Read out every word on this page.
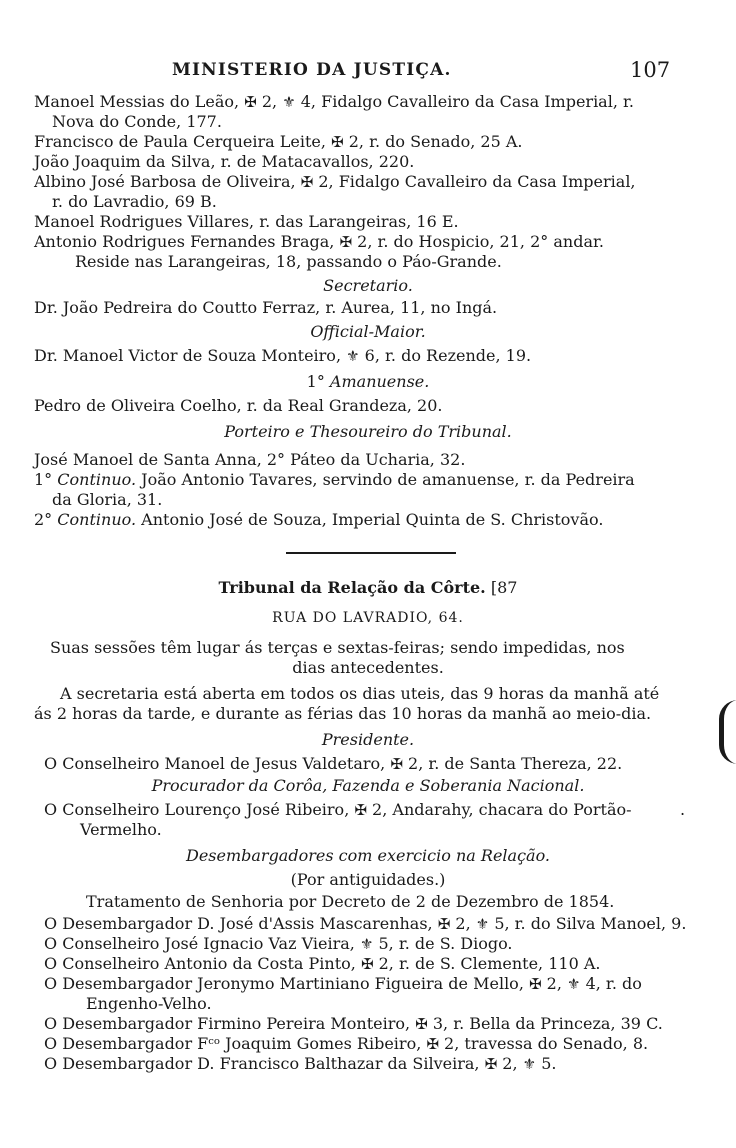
MINISTERIO DA JUSTIÇA.	107
Manoel Messias do Leão, ✠ 2, ⚜ 4, Fidalgo Cavalleiro da Casa Imperial, r.
Nova do Conde, 177.
Francisco de Paula Cerqueira Leite, ✠ 2, r. do Senado, 25 A.
João Joaquim da Silva, r. de Matacavallos, 220.
Albino José Barbosa de Oliveira, ✠ 2, Fidalgo Cavalleiro da Casa Imperial,
r. do Lavradio, 69 B.
Manoel Rodrigues Villares, r. das Larangeiras, 16 E.
Antonio Rodrigues Fernandes Braga, ✠ 2, r. do Hospicio, 21, 2° andar.
Reside nas Larangeiras, 18, passando o Páo-Grande.
Secretario.
Dr. João Pedreira do Coutto Ferraz, r. Aurea, 11, no Ingá.
Official-Maior.
Dr. Manoel Victor de Souza Monteiro, ⚜ 6, r. do Rezende, 19.
1° Amanuense.
Pedro de Oliveira Coelho, r. da Real Grandeza, 20.
Porteiro e Thesoureiro do Tribunal.
José Manoel de Santa Anna, 2° Páteo da Ucharia, 32.
1° Continuo. João Antonio Tavares, servindo de amanuense, r. da Pedreira
da Gloria, 31.
2° Continuo. Antonio José de Souza, Imperial Quinta de S. Christovão.
Tribunal da Relação da Côrte. [87
RUA DO LAVRADIO, 64.
Suas sessões têm lugar ás terças e sextas-feiras; sendo impedidas, nos
dias antecedentes.
A secretaria está aberta em todos os dias uteis, das 9 horas da manhã até
ás 2 horas da tarde, e durante as férias das 10 horas da manhã ao meio-dia.
Presidente.
O Conselheiro Manoel de Jesus Valdetaro, ✠ 2, r. de Santa Thereza, 22.
Procurador da Corôa, Fazenda e Soberania Nacional.
O Conselheiro Lourenço José Ribeiro, ✠ 2, Andarahy, chacara do Portão-
Vermelho.
Desembargadores com exercicio na Relação.
(Por antiguidades.)
Tratamento de Senhoria por Decreto de 2 de Dezembro de 1854.
O Desembargador D. José d'Assis Mascarenhas, ✠ 2, ⚜ 5, r. do Silva Manoel, 9.
O Conselheiro José Ignacio Vaz Vieira, ⚜ 5, r. de S. Diogo.
O Conselheiro Antonio da Costa Pinto, ✠ 2, r. de S. Clemente, 110 A.
O Desembargador Jeronymo Martiniano Figueira de Mello, ✠ 2, ⚜ 4, r. do
Engenho-Velho.
O Desembargador Firmino Pereira Monteiro, ✠ 3, r. Bella da Princeza, 39 C.
O Desembargador Fᶜᵒ Joaquim Gomes Ribeiro, ✠ 2, travessa do Senado, 8.
O Desembargador D. Francisco Balthazar da Silveira, ✠ 2, ⚜ 5.
.
